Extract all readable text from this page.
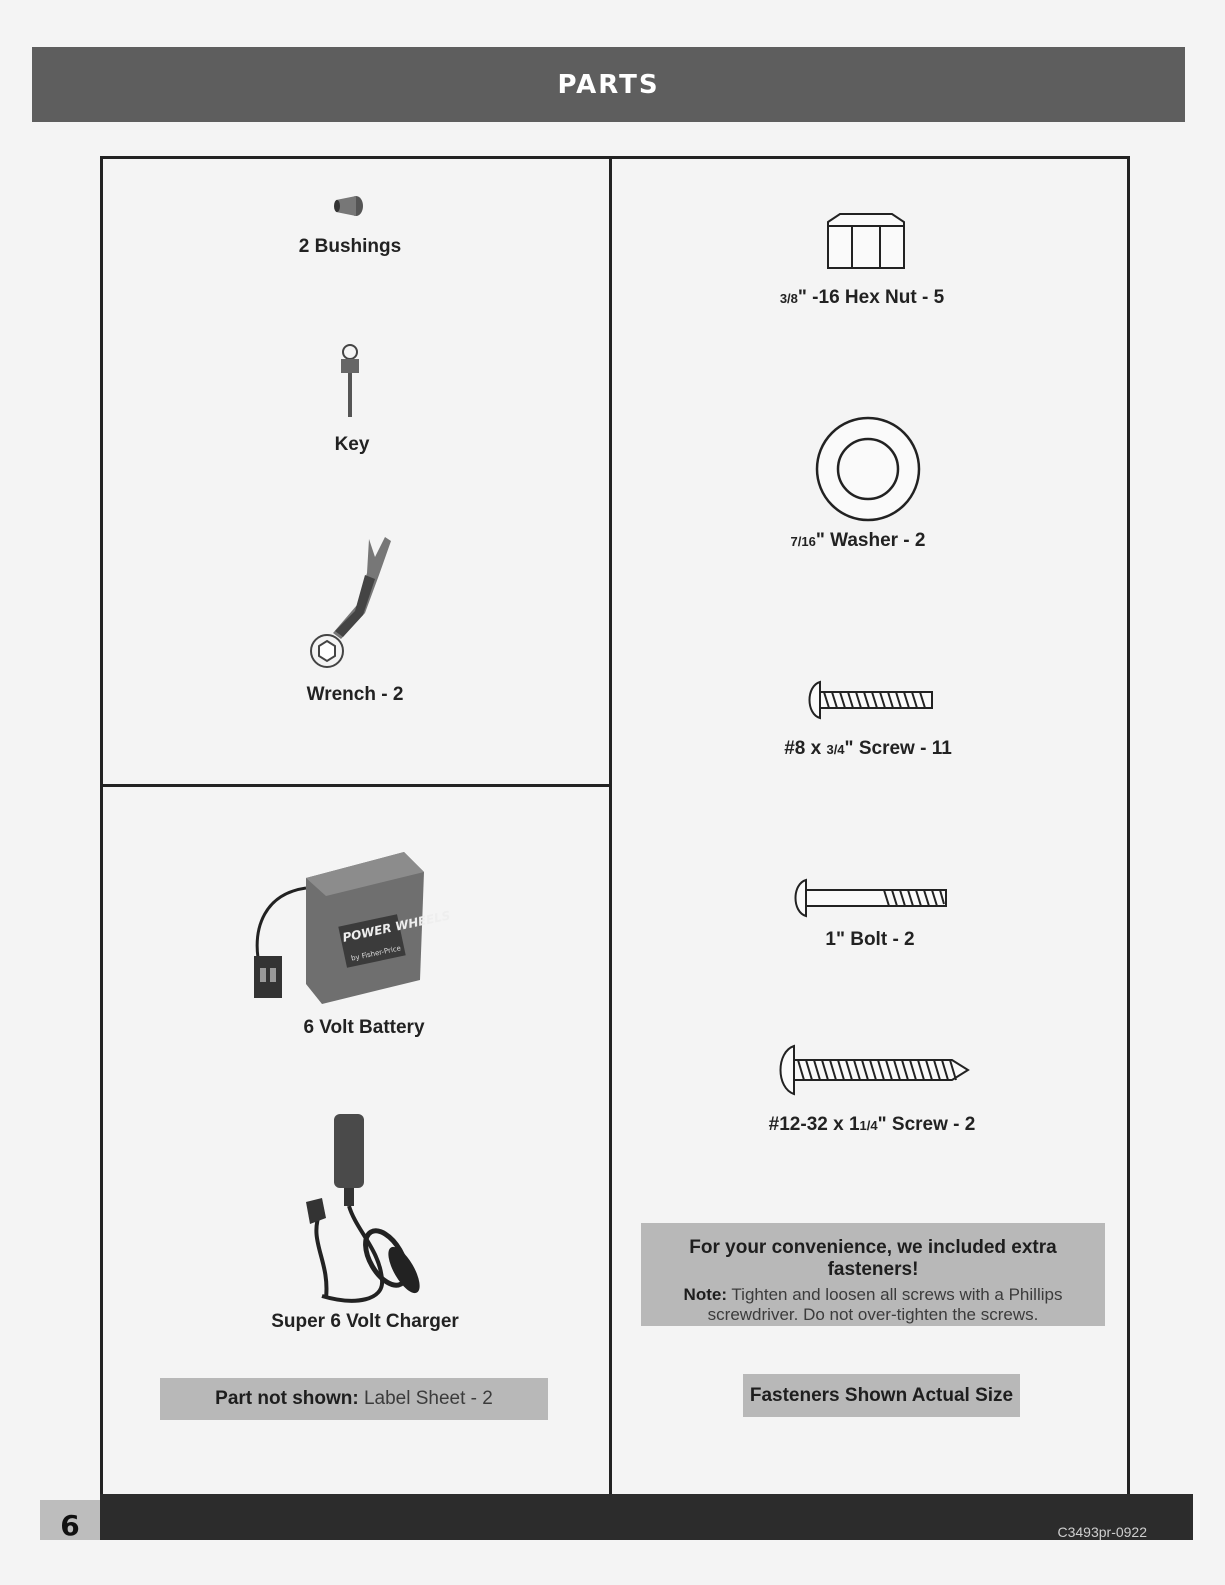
PARTS
2 Bushings
Key
Wrench - 2
POWER WHEELS
by Fisher-Price
6 Volt Battery
Super 6 Volt Charger
Part not shown: Label Sheet - 2
3/8" -16 Hex Nut - 5
7/16" Washer - 2
#8 x 3/4" Screw - 11
1" Bolt - 2
#12-32 x 11/4" Screw - 2
For your convenience, we included extra fasteners!
Note: Tighten and loosen all screws with a Phillips screwdriver. Do not over-tighten the screws.
Fasteners Shown Actual Size
6	C3493pr-0922
